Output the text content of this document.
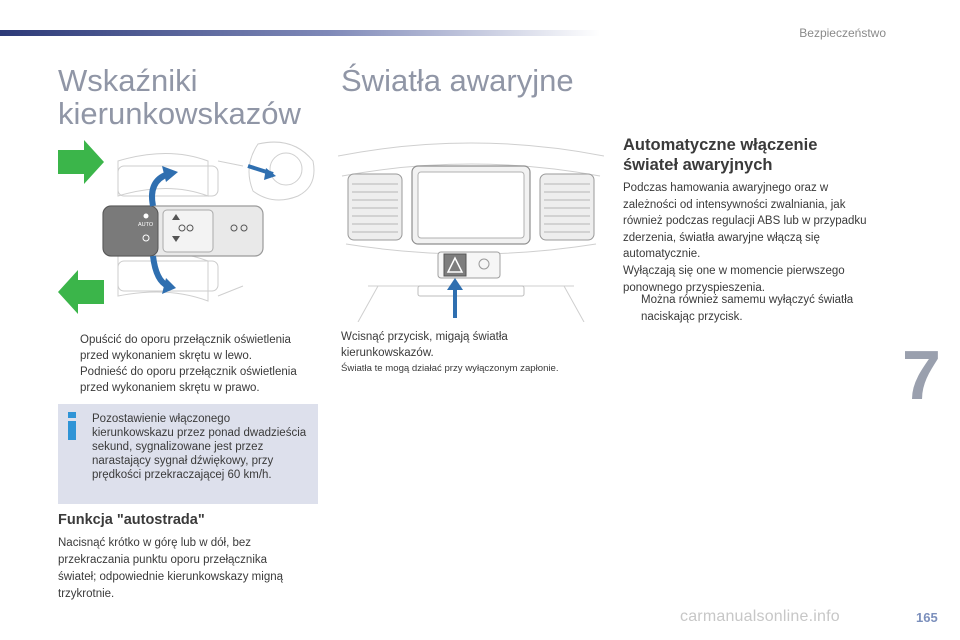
Bezpieczeństwo
Wskaźniki
kierunkowskazów
Światła awaryjne
AUTO
Opuścić do oporu przełącznik oświetlenia przed wykonaniem skrętu w lewo.
Podnieść do oporu przełącznik oświetlenia przed wykonaniem skrętu w prawo.
Pozostawienie włączonego kierunkowskazu przez ponad dwadzieścia sekund, sygnalizowane jest przez narastający sygnał dźwiękowy, przy prędkości przekraczającej 60 km/h.
Funkcja "autostrada"
Nacisnąć krótko w górę lub w dół, bez przekraczania punktu oporu przełącznika świateł; odpowiednie kierunkowskazy migną trzykrotnie.
Wcisnąć przycisk, migają światła kierunkowskazów.
Światła te mogą działać przy wyłączonym zapłonie.
Automatyczne włączenie świateł awaryjnych
Podczas hamowania awaryjnego oraz w zależności od intensywności zwalniania, jak również podczas regulacji ABS lub w przypadku zderzenia, światła awaryjne włączą się automatycznie.
Wyłączają się one w momencie pierwszego ponownego przyspieszenia.
Można również samemu wyłączyć światła naciskając przycisk.
7
165
carmanualsonline.info
